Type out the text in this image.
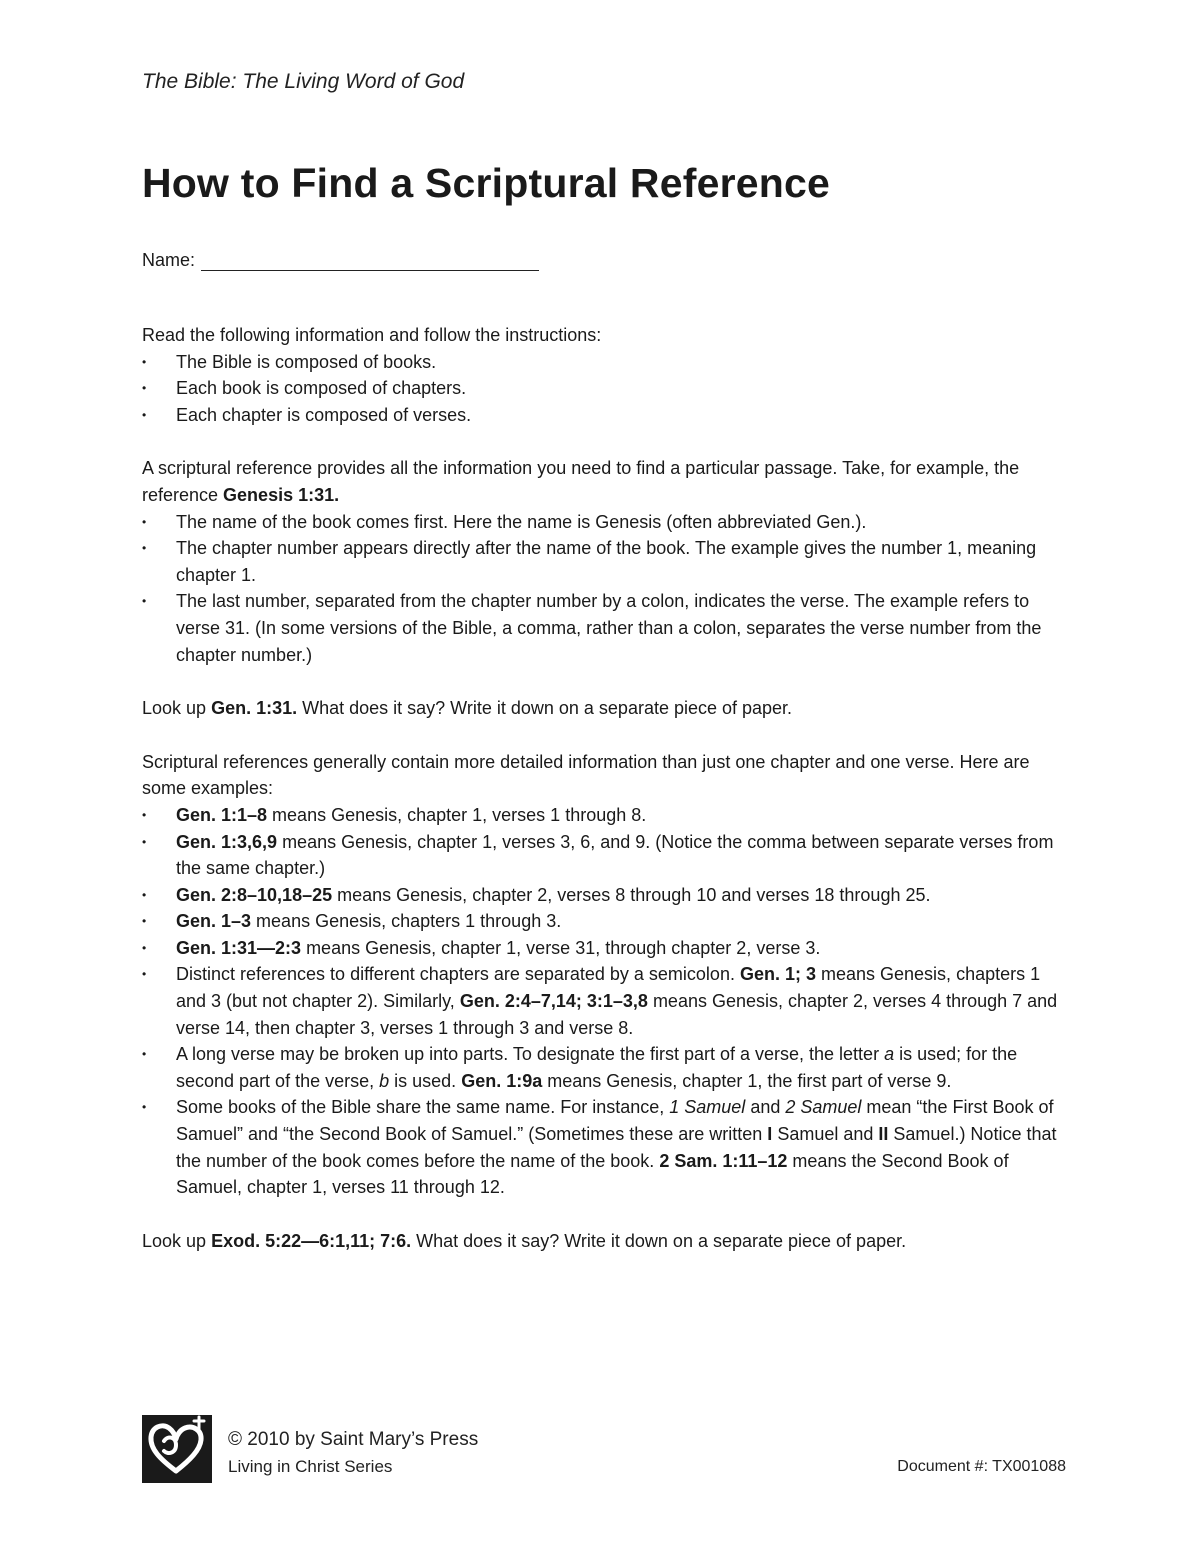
The Bible: The Living Word of God
How to Find a Scriptural Reference
Name:

Read the following information and follow the instructions:

• The Bible is composed of books.
• Each book is composed of chapters.
• Each chapter is composed of verses.

A scriptural reference provides all the information you need to find a particular passage. Take, for example, the reference Genesis 1:31.

• The name of the book comes first. Here the name is Genesis (often abbreviated Gen.).
• The chapter number appears directly after the name of the book. The example gives the number 1, meaning chapter 1.
• The last number, separated from the chapter number by a colon, indicates the verse. The example refers to verse 31. (In some versions of the Bible, a comma, rather than a colon, separates the verse number from the chapter number.)

Look up Gen. 1:31. What does it say? Write it down on a separate piece of paper.

Scriptural references generally contain more detailed information than just one chapter and one verse. Here are some examples:

• Gen. 1:1–8 means Genesis, chapter 1, verses 1 through 8.
• Gen. 1:3,6,9 means Genesis, chapter 1, verses 3, 6, and 9. (Notice the comma between separate verses from the same chapter.)
• Gen. 2:8–10,18–25 means Genesis, chapter 2, verses 8 through 10 and verses 18 through 25.
• Gen. 1–3 means Genesis, chapters 1 through 3.
• Gen. 1:31—2:3 means Genesis, chapter 1, verse 31, through chapter 2, verse 3.
• Distinct references to different chapters are separated by a semicolon. Gen. 1; 3 means Genesis, chapters 1 and 3 (but not chapter 2). Similarly, Gen. 2:4–7,14; 3:1–3,8 means Genesis, chapter 2, verses 4 through 7 and verse 14, then chapter 3, verses 1 through 3 and verse 8.
• A long verse may be broken up into parts. To designate the first part of a verse, the letter a is used; for the second part of the verse, b is used. Gen. 1:9a means Genesis, chapter 1, the first part of verse 9.
• Some books of the Bible share the same name. For instance, 1 Samuel and 2 Samuel mean “the First Book of Samuel” and “the Second Book of Samuel.” (Sometimes these are written I Samuel and II Samuel.) Notice that the number of the book comes before the name of the book. 2 Sam. 1:11–12 means the Second Book of Samuel, chapter 1, verses 11 through 12.

Look up Exod. 5:22—6:1,11; 7:6. What does it say? Write it down on a separate piece of paper.

© 2010 by Saint Mary’s Press
Living in Christ Series	Document #: TX001088
